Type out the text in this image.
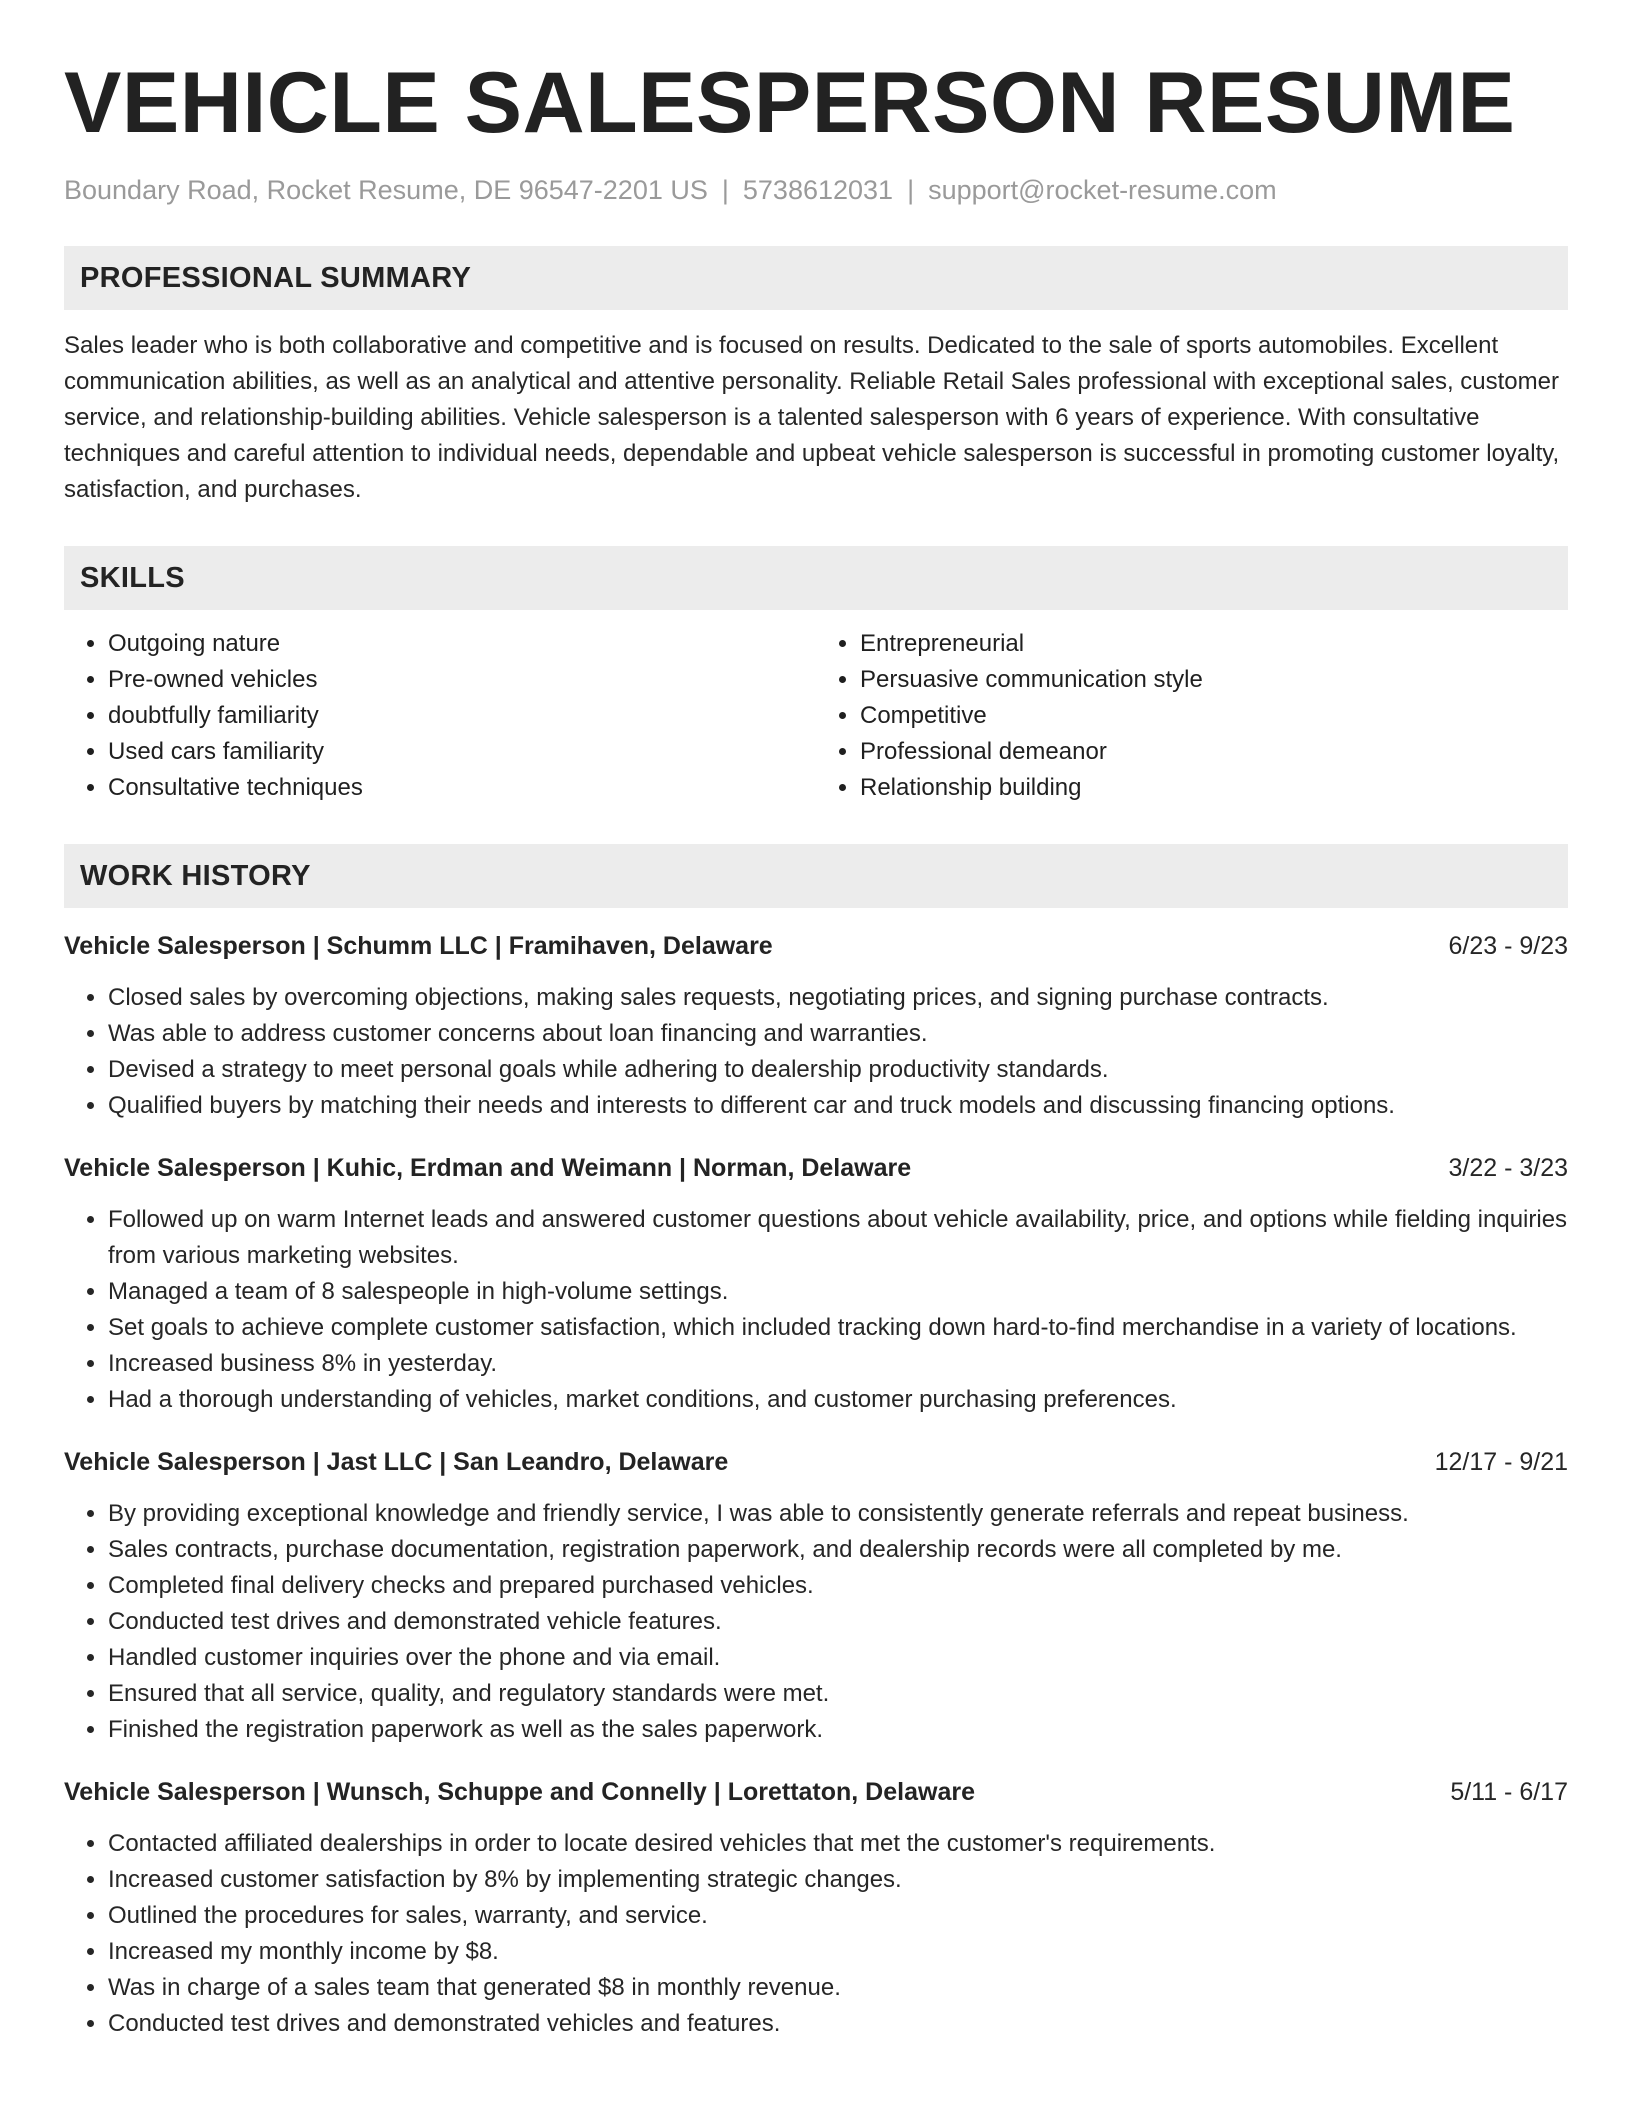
VEHICLE SALESPERSON RESUME
Boundary Road, Rocket Resume, DE 96547-2201 US | 5738612031 | support@rocket-resume.com
PROFESSIONAL SUMMARY

Sales leader who is both collaborative and competitive and is focused on results. Dedicated to the sale of sports automobiles. Excellent communication abilities, as well as an analytical and attentive personality. Reliable Retail Sales professional with exceptional sales, customer service, and relationship-building abilities. Vehicle salesperson is a talented salesperson with 6 years of experience. With consultative techniques and careful attention to individual needs, dependable and upbeat vehicle salesperson is successful in promoting customer loyalty, satisfaction, and purchases.

SKILLS
• Outgoing nature
• Pre-owned vehicles
• doubtfully familiarity
• Used cars familiarity
• Consultative techniques
• Entrepreneurial
• Persuasive communication style
• Competitive
• Professional demeanor
• Relationship building
WORK HISTORY
Vehicle Salesperson | Schumm LLC | Framihaven, Delaware	6/23 - 9/23
• Closed sales by overcoming objections, making sales requests, negotiating prices, and signing purchase contracts.
• Was able to address customer concerns about loan financing and warranties.
• Devised a strategy to meet personal goals while adhering to dealership productivity standards.
• Qualified buyers by matching their needs and interests to different car and truck models and discussing financing options.
Vehicle Salesperson | Kuhic, Erdman and Weimann | Norman, Delaware	3/22 - 3/23
• Followed up on warm Internet leads and answered customer questions about vehicle availability, price, and options while fielding inquiries from various marketing websites.
• Managed a team of 8 salespeople in high-volume settings.
• Set goals to achieve complete customer satisfaction, which included tracking down hard-to-find merchandise in a variety of locations.
• Increased business 8% in yesterday.
• Had a thorough understanding of vehicles, market conditions, and customer purchasing preferences.
Vehicle Salesperson | Jast LLC | San Leandro, Delaware	12/17 - 9/21
• By providing exceptional knowledge and friendly service, I was able to consistently generate referrals and repeat business.
• Sales contracts, purchase documentation, registration paperwork, and dealership records were all completed by me.
• Completed final delivery checks and prepared purchased vehicles.
• Conducted test drives and demonstrated vehicle features.
• Handled customer inquiries over the phone and via email.
• Ensured that all service, quality, and regulatory standards were met.
• Finished the registration paperwork as well as the sales paperwork.
Vehicle Salesperson | Wunsch, Schuppe and Connelly | Lorettaton, Delaware	5/11 - 6/17
• Contacted affiliated dealerships in order to locate desired vehicles that met the customer's requirements.
• Increased customer satisfaction by 8% by implementing strategic changes.
• Outlined the procedures for sales, warranty, and service.
• Increased my monthly income by $8.
• Was in charge of a sales team that generated $8 in monthly revenue.
• Conducted test drives and demonstrated vehicles and features.
